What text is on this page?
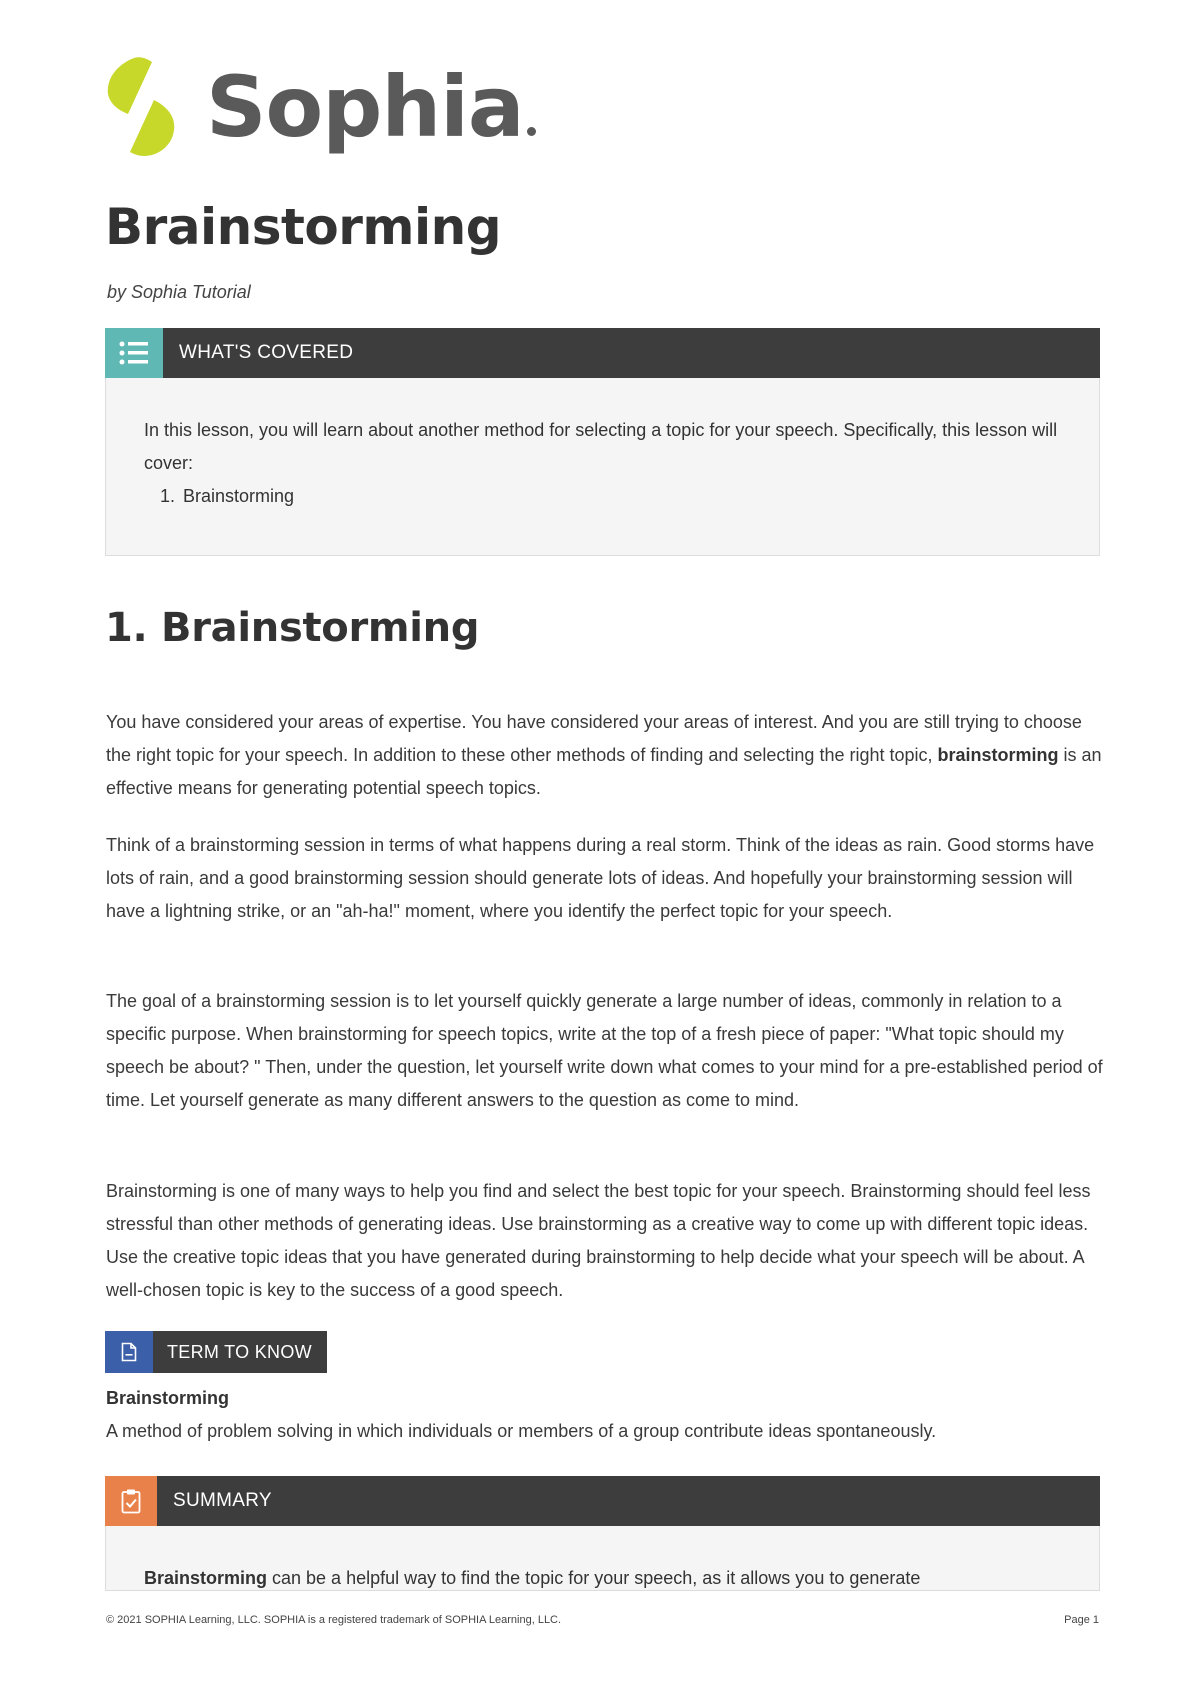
Sophia
Brainstorming
by Sophia Tutorial
WHAT'S COVERED

In this lesson, you will learn about another method for selecting a topic for your speech. Specifically, this lesson will cover:

1. Brainstorming
1. Brainstorming

You have considered your areas of expertise. You have considered your areas of interest. And you are still trying to choose the right topic for your speech. In addition to these other methods of finding and selecting the right topic, brainstorming is an effective means for generating potential speech topics.

Think of a brainstorming session in terms of what happens during a real storm. Think of the ideas as rain. Good storms have lots of rain, and a good brainstorming session should generate lots of ideas. And hopefully your brainstorming session will have a lightning strike, or an "ah-ha!" moment, where you identify the perfect topic for your speech.

The goal of a brainstorming session is to let yourself quickly generate a large number of ideas, commonly in relation to a specific purpose. When brainstorming for speech topics, write at the top of a fresh piece of paper: "What topic should my speech be about? " Then, under the question, let yourself write down what comes to your mind for a pre-established period of time. Let yourself generate as many different answers to the question as come to mind.

Brainstorming is one of many ways to help you find and select the best topic for your speech. Brainstorming should feel less stressful than other methods of generating ideas. Use brainstorming as a creative way to come up with different topic ideas. Use the creative topic ideas that you have generated during brainstorming to help decide what your speech will be about. A well-chosen topic is key to the success of a good speech.

TERM TO KNOW
Brainstorming
A method of problem solving in which individuals or members of a group contribute ideas spontaneously.
SUMMARY

Brainstorming can be a helpful way to find the topic for your speech, as it allows you to generate

© 2021 SOPHIA Learning, LLC. SOPHIA is a registered trademark of SOPHIA Learning, LLC.	Page 1
